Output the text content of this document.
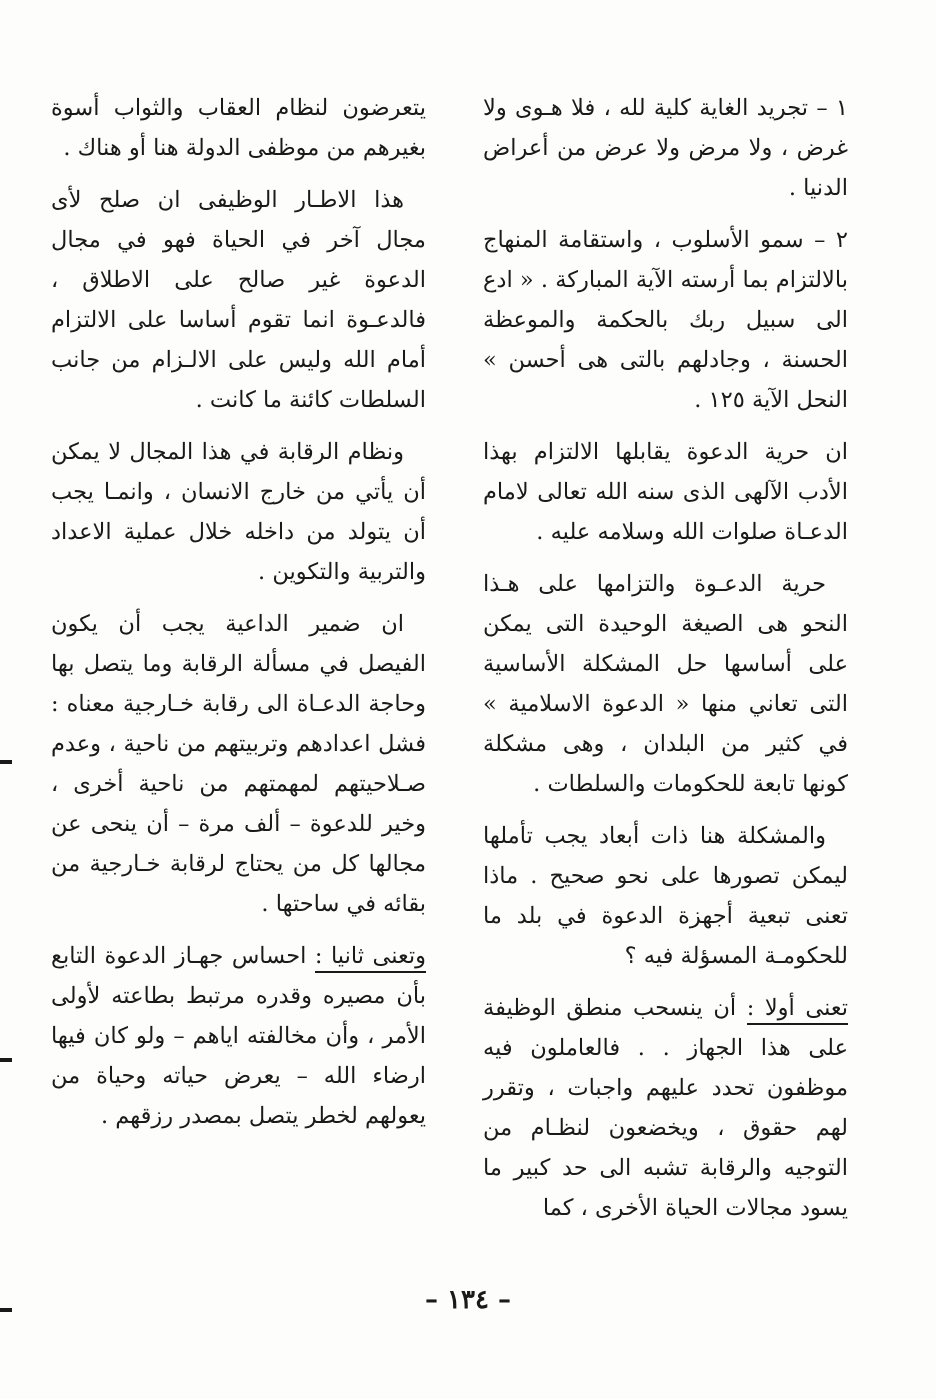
١ – تجريد الغاية كلية لله ، فلا هـوى ولا غرض ، ولا مرض ولا عرض من أعراض الدنيا .

٢ – سمو الأسلوب ، واستقامة المنهاج بالالتزام بما أرسته الآية المباركة . « ادع الى سبيل ربك بالحكمة والموعظة الحسنة ، وجادلهم بالتى هى أحسن » النحل الآية ١٢٥ .

ان حرية الدعوة يقابلها الالتزام بهذا الأدب الآلهى الذى سنه الله تعالى لامام الدعـاة صلوات الله وسلامه عليه .

حرية الدعـوة والتزامها على هـذا النحو هى الصيغة الوحيدة التى يمكن على أساسها حل المشكلة الأساسية التى تعاني منها « الدعوة الاسلامية » في كثير من البلدان ، وهى مشكلة كونها تابعة للحكومات والسلطات .

والمشكلة هنا ذات أبعاد يجب تأملها ليمكن تصورها على نحو صحيح . ماذا تعنى تبعية أجهزة الدعوة في بلد ما للحكومـة المسؤلة فيه ؟

تعنى أولا : أن ينسحب منطق الوظيفة على هذا الجهاز . . فالعاملون فيه موظفون تحدد عليهم واجبات ، وتقرر لهم حقوق ، ويخضعون لنظـام من التوجيه والرقابة تشبه الى حد كبير ما يسود مجالات الحياة الأخرى ، كما

يتعرضون لنظام العقاب والثواب أسوة بغيرهم من موظفى الدولة هنا أو هناك .

هذا الاطـار الوظيفى ان صلح لأى مجال آخر في الحياة فهو في مجال الدعوة غير صالح على الاطلاق ، فالدعـوة انما تقوم أساسا على الالتزام أمام الله وليس على الالـزام من جانب السلطات كائنة ما كانت .

ونظام الرقابة في هذا المجال لا يمكن أن يأتي من خارج الانسان ، وانمـا يجب أن يتولد من داخله خلال عملية الاعداد والتربية والتكوين .

ان ضمير الداعية يجب أن يكون الفيصل في مسألة الرقابة وما يتصل بها وحاجة الدعـاة الى رقابة خـارجية معناه : فشل اعدادهم وتربيتهم من ناحية ، وعدم صـلاحيتهم لمهمتهم من ناحية أخرى ، وخير للدعوة – ألف مرة – أن ينحى عن مجالها كل من يحتاج لرقابة خـارجية من بقائه في ساحتها .

وتعنى ثانيا : احساس جهـاز الدعوة التابع بأن مصيره وقدره مرتبط بطاعته لأولى الأمر ، وأن مخالفته اياهم – ولو كان فيها ارضاء الله – يعرض حياته وحياة من يعولهم لخطر يتصل بمصدر رزقهم .

– ١٣٤ –
